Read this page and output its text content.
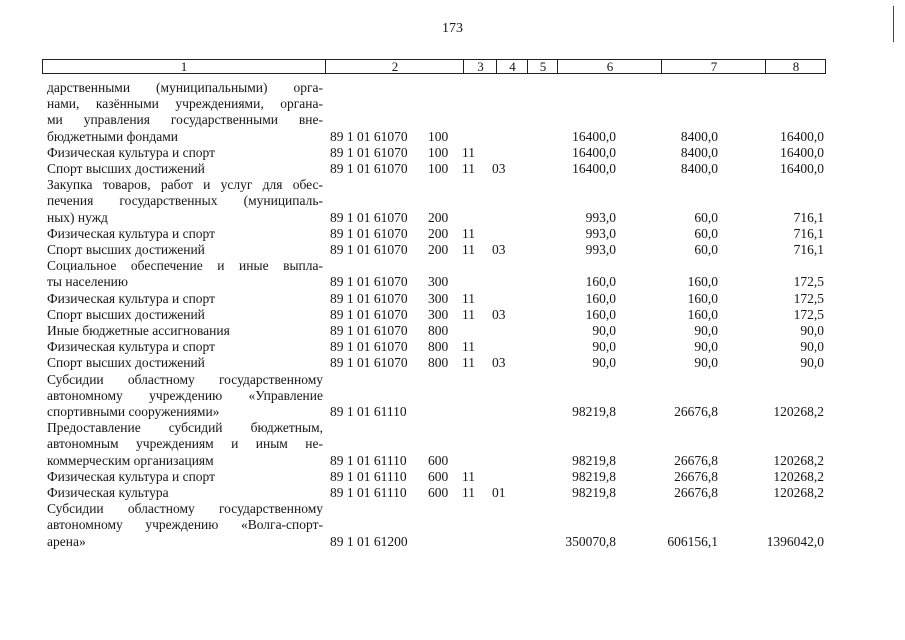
173
1	2	3	4	5	6	7	8
дарственными (муниципальными) орга-
нами, казёнными учреждениями, органа-
ми управления государственными вне-
бюджетными фондами	89 1 01 61070 100	16400,0	8400,0	16400,0
Физическая культура и спорт	89 1 01 61070 100 11	16400,0	8400,0	16400,0
Спорт высших достижений	89 1 01 61070 100 11 03	16400,0	8400,0	16400,0
Закупка товаров, работ и услуг для обес-
печения государственных (муниципаль-
ных) нужд	89 1 01 61070 200	993,0	60,0	716,1
Физическая культура и спорт	89 1 01 61070 200 11	993,0	60,0	716,1
Спорт высших достижений	89 1 01 61070 200 11 03	993,0	60,0	716,1
Социальное обеспечение и иные выпла-
ты населению	89 1 01 61070 300	160,0	160,0	172,5
Физическая культура и спорт	89 1 01 61070 300 11	160,0	160,0	172,5
Спорт высших достижений	89 1 01 61070 300 11 03	160,0	160,0	172,5
Иные бюджетные ассигнования	89 1 01 61070 800	90,0	90,0	90,0
Физическая культура и спорт	89 1 01 61070 800 11	90,0	90,0	90,0
Спорт высших достижений	89 1 01 61070 800 11 03	90,0	90,0	90,0
Субсидии областному государственному
автономному учреждению «Управление
спортивными сооружениями»	89 1 01 61110	98219,8	26676,8	120268,2
Предоставление субсидий бюджетным,
автономным учреждениям и иным не-
коммерческим организациям	89 1 01 61110 600	98219,8	26676,8	120268,2
Физическая культура и спорт	89 1 01 61110 600 11	98219,8	26676,8	120268,2
Физическая культура	89 1 01 61110 600 11 01	98219,8	26676,8	120268,2
Субсидии областному государственному
автономному учреждению «Волга-спорт-
арена»	89 1 01 61200	350070,8	606156,1	1396042,0
